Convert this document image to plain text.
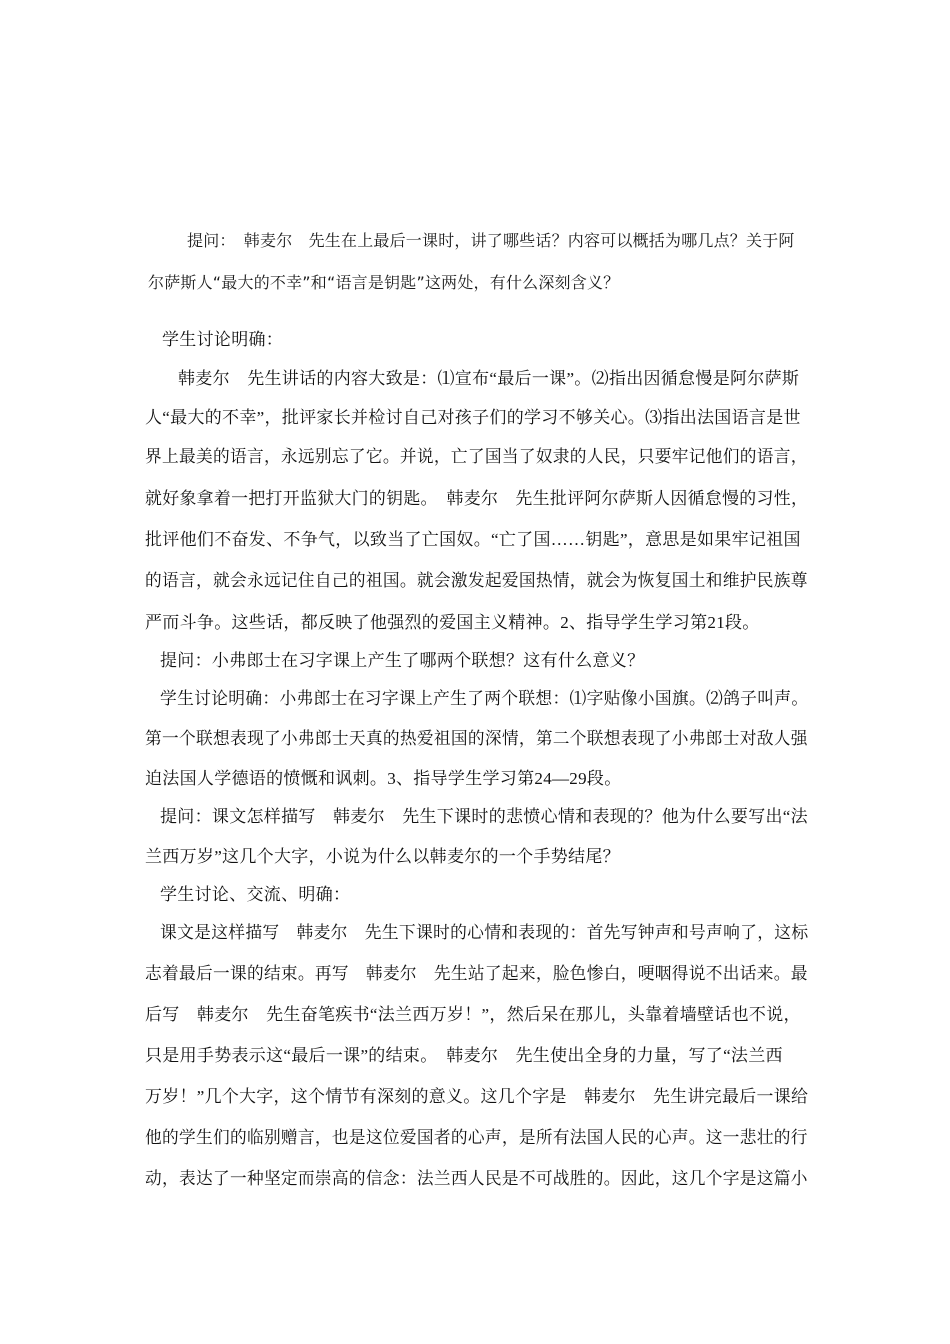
提问：　韩麦尔　先生在上最后一课时，讲了哪些话？内容可以概括为哪几点？关于阿

尔萨斯人“最大的不幸”和“语言是钥匙”这两处，有什么深刻含义？

学生讨论明确：

韩麦尔　先生讲话的内容大致是：⑴宣布“最后一课”。⑵指出因循怠慢是阿尔萨斯

人“最大的不幸”，批评家长并检讨自己对孩子们的学习不够关心。⑶指出法国语言是世

界上最美的语言，永远别忘了它。并说，亡了国当了奴隶的人民，只要牢记他们的语言，

就好象拿着一把打开监狱大门的钥匙。　韩麦尔　先生批评阿尔萨斯人因循怠慢的习性，

批评他们不奋发、不争气，以致当了亡国奴。“亡了国……钥匙”，意思是如果牢记祖国

的语言，就会永远记住自己的祖国。就会激发起爱国热情，就会为恢复国土和维护民族尊

严而斗争。这些话，都反映了他强烈的爱国主义精神。2、指导学生学习第21段。

提问：小弗郎士在习字课上产生了哪两个联想？这有什么意义？

学生讨论明确：小弗郎士在习字课上产生了两个联想：⑴字贴像小国旗。⑵鸽子叫声。

第一个联想表现了小弗郎士天真的热爱祖国的深情，第二个联想表现了小弗郎士对敌人强

迫法国人学德语的愤慨和讽刺。3、指导学生学习第24—29段。

提问：课文怎样描写　韩麦尔　先生下课时的悲愤心情和表现的？他为什么要写出“法

兰西万岁”这几个大字，小说为什么以韩麦尔的一个手势结尾？

学生讨论、交流、明确：

课文是这样描写　韩麦尔　先生下课时的心情和表现的：首先写钟声和号声响了，这标

志着最后一课的结束。再写　韩麦尔　先生站了起来，脸色惨白，哽咽得说不出话来。最

后写　韩麦尔　先生奋笔疾书“法兰西万岁！”，然后呆在那儿，头靠着墙壁话也不说，

只是用手势表示这“最后一课”的结束。　韩麦尔　先生使出全身的力量，写了“法兰西

万岁！”几个大字，这个情节有深刻的意义。这几个字是　韩麦尔　先生讲完最后一课给

他的学生们的临别赠言，也是这位爱国者的心声，是所有法国人民的心声。这一悲壮的行

动，表达了一种坚定而崇高的信念：法兰西人民是不可战胜的。因此，这几个字是这篇小
